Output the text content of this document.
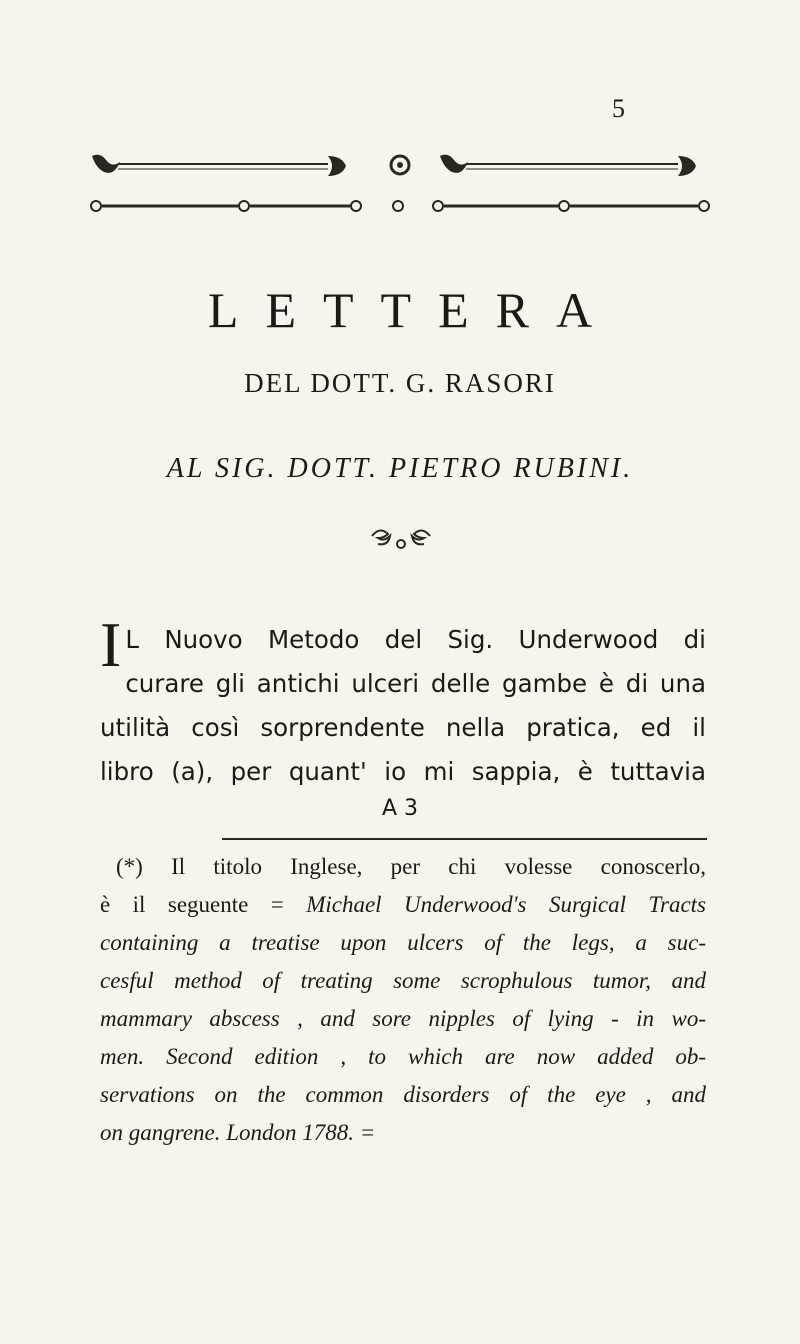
5
LETTERA
DEL DOTT. G. RASORI
AL SIG. DOTT. PIETRO RUBINI.
I L Nuovo Metodo del Sig. Underwood di
curare gli antichi ulceri delle gambe è di una
utilità così sorprendente nella pratica, ed il
libro (a), per quant' io mi sappia, è tuttavia
A 3
(*) Il titolo Inglese, per chi volesse conoscerlo,
è il seguente = Michael Underwood's Surgical Tracts
containing a treatise upon ulcers of the legs, a suc-
cesful method of treating some scrophulous tumor, and
mammary abscess , and sore nipples of lying - in wo-
men. Second edition , to which are now added ob-
servations on the common disorders of the eye , and
on gangrene. London 1788. =
